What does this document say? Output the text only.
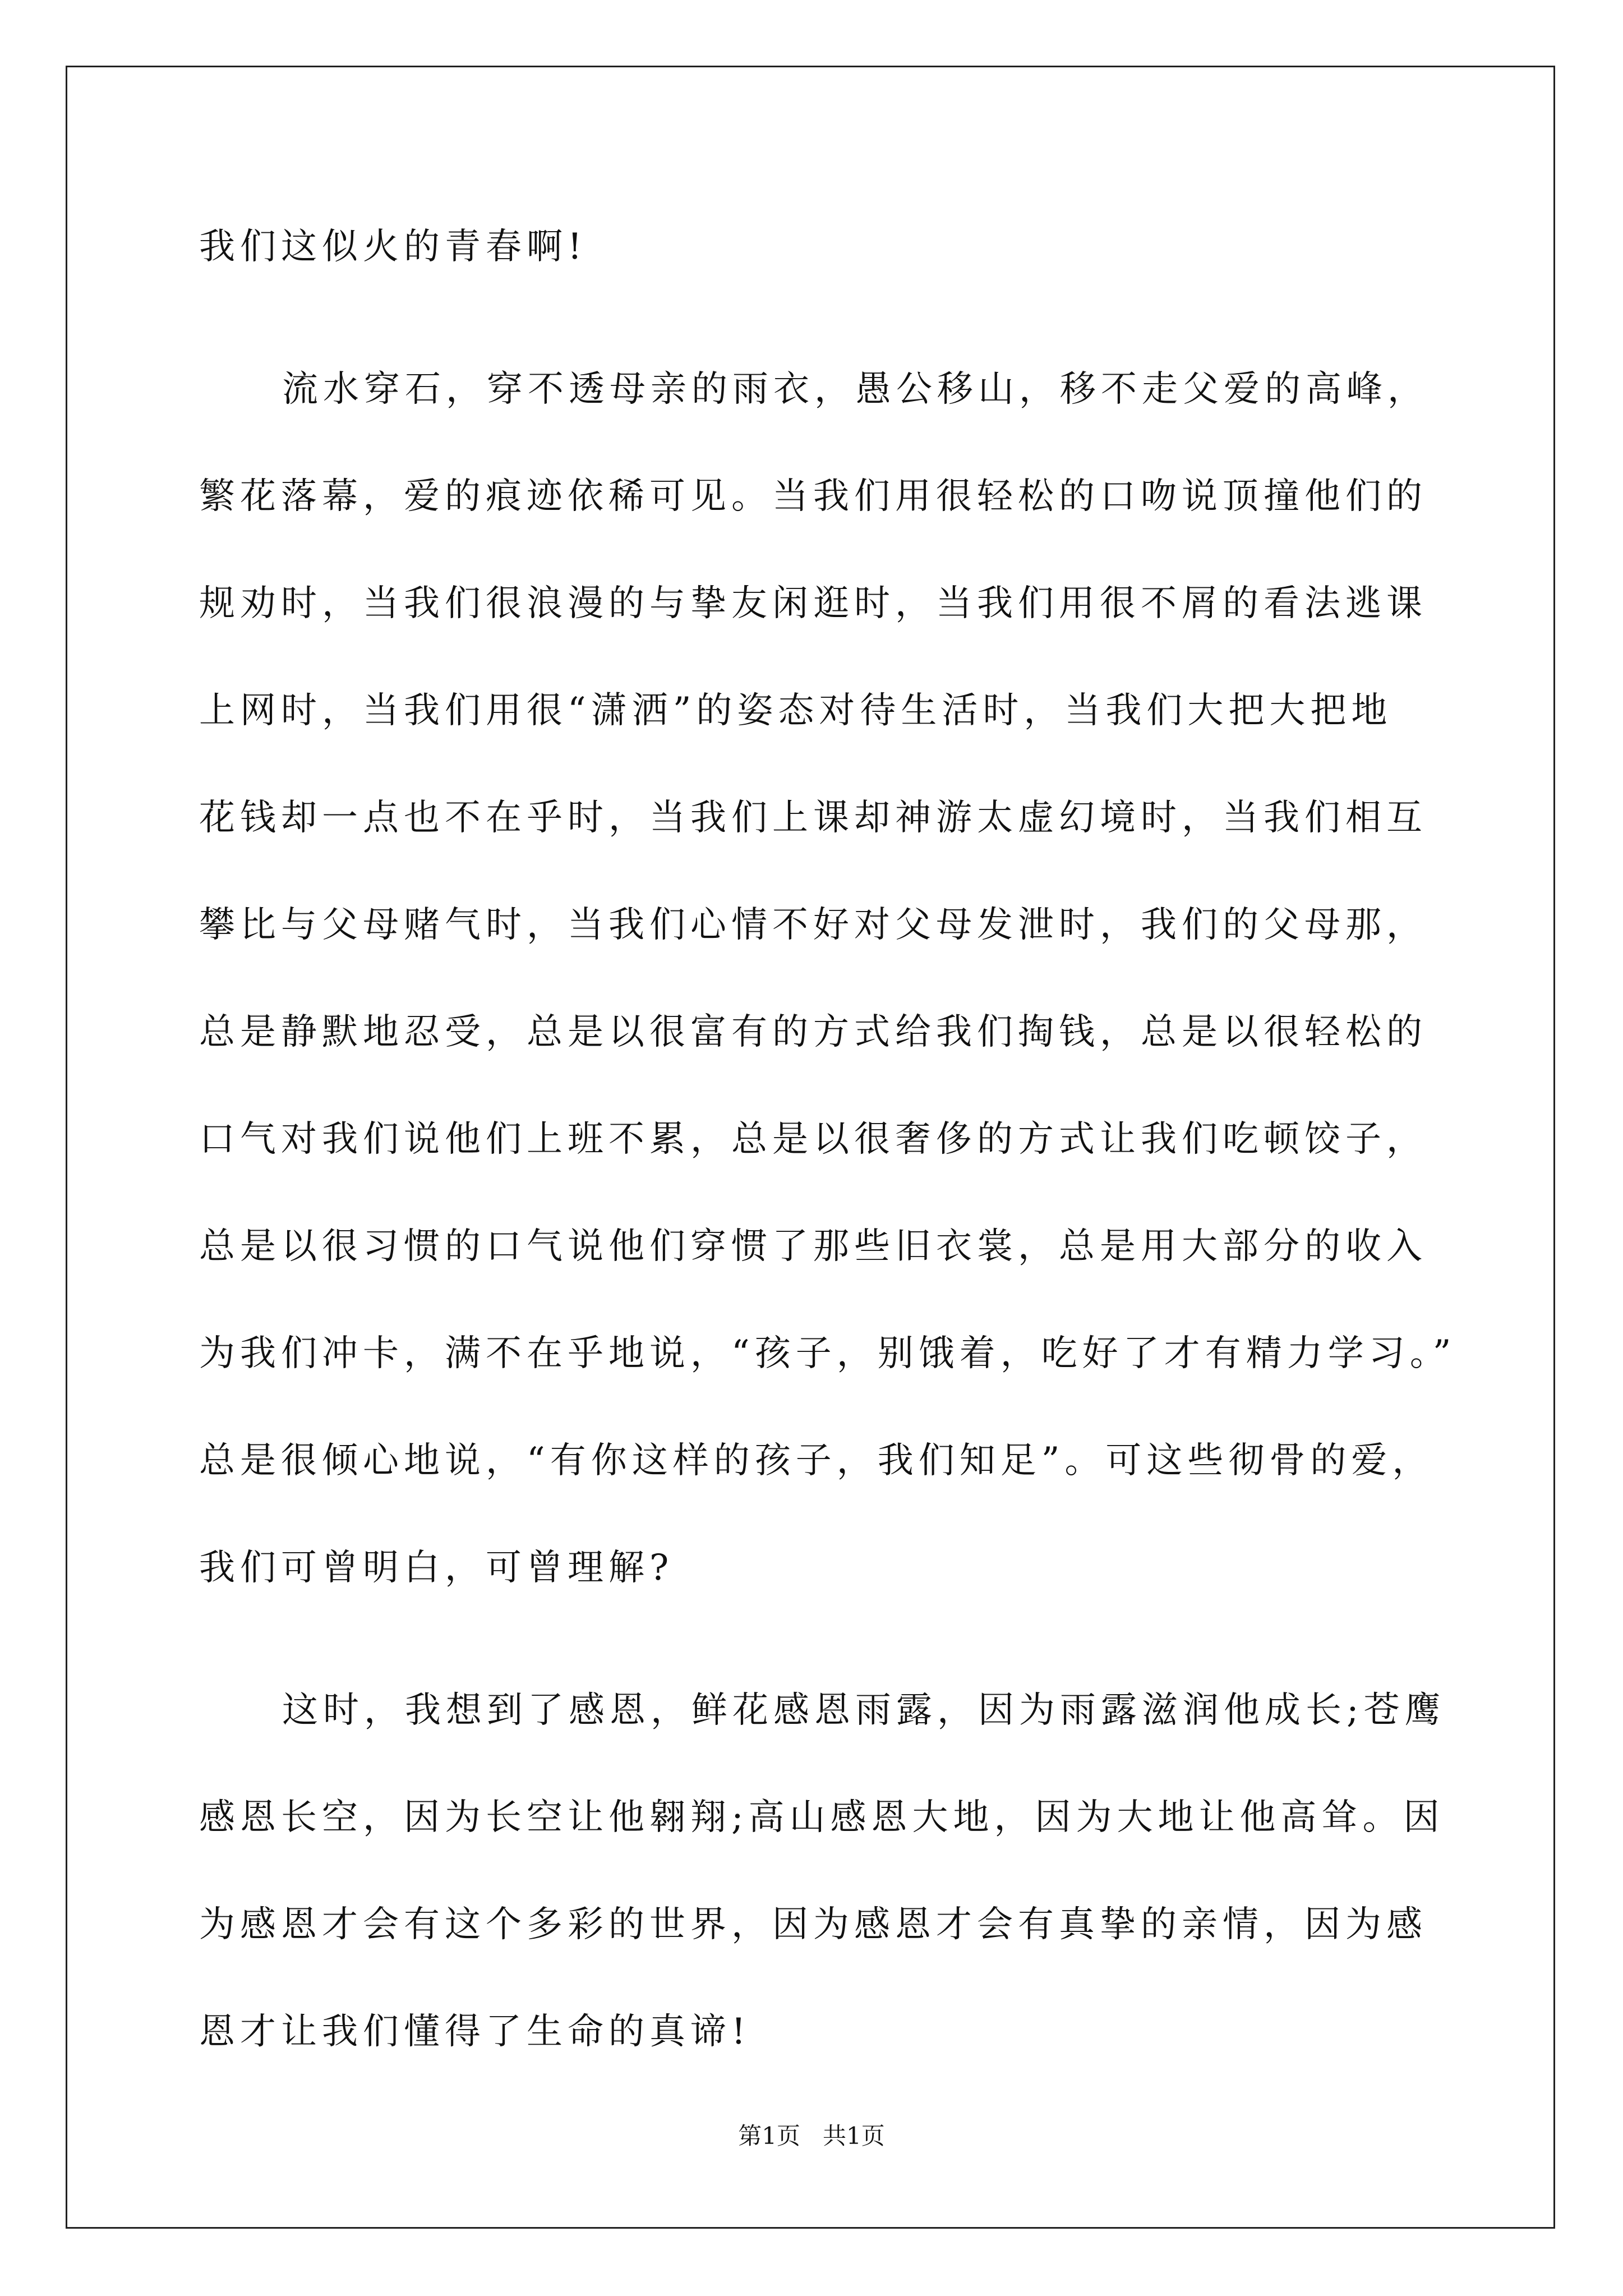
我们这似火的青春啊!
流水穿石，穿不透母亲的雨衣，愚公移山，移不走父爱的高峰，
繁花落幕，爱的痕迹依稀可见。当我们用很轻松的口吻说顶撞他们的
规劝时，当我们很浪漫的与挚友闲逛时，当我们用很不屑的看法逃课
上网时，当我们用很“潇洒”的姿态对待生活时，当我们大把大把地
花钱却一点也不在乎时，当我们上课却神游太虚幻境时，当我们相互
攀比与父母赌气时，当我们心情不好对父母发泄时，我们的父母那，
总是静默地忍受，总是以很富有的方式给我们掏钱，总是以很轻松的
口气对我们说他们上班不累，总是以很奢侈的方式让我们吃顿饺子，
总是以很习惯的口气说他们穿惯了那些旧衣裳，总是用大部分的收入
为我们冲卡，满不在乎地说，“孩子，别饿着，吃好了才有精力学习。”
总是很倾心地说，“有你这样的孩子，我们知足”。可这些彻骨的爱，
我们可曾明白，可曾理解?
这时，我想到了感恩，鲜花感恩雨露，因为雨露滋润他成长;苍鹰
感恩长空，因为长空让他翱翔;高山感恩大地，因为大地让他高耸。因
为感恩才会有这个多彩的世界，因为感恩才会有真挚的亲情，因为感
恩才让我们懂得了生命的真谛!
第1页   共1页
